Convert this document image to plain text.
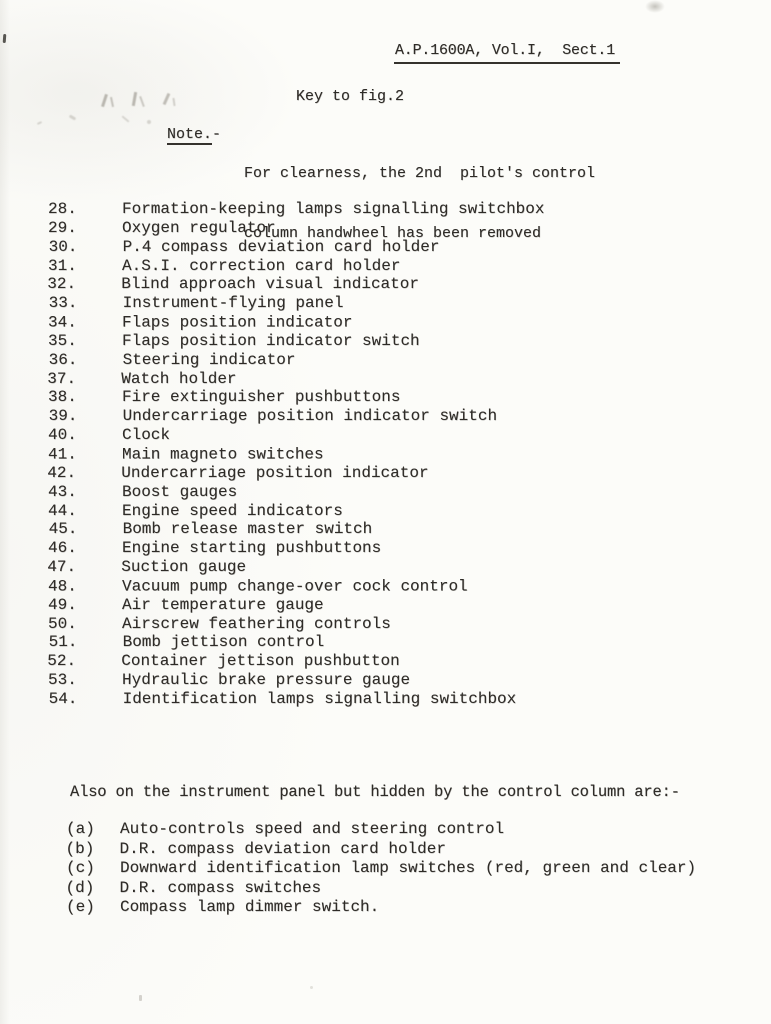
A.P.1600A, Vol.I,  Sect.1
Key to fig.2
Note.-

For clearness, the 2nd  pilot's control

column handwheel has been removed

28.	Formation-keeping lamps signalling switchbox
29.	Oxygen regulator
30.	P.4 compass deviation card holder
31.	A.S.I. correction card holder
32.	Blind approach visual indicator
33.	Instrument-flying panel
34.	Flaps position indicator
35.	Flaps position indicator switch
36.	Steering indicator
37.	Watch holder
38.	Fire extinguisher pushbuttons
39.	Undercarriage position indicator switch
40.	Clock
41.	Main magneto switches
42.	Undercarriage position indicator
43.	Boost gauges
44.	Engine speed indicators
45.	Bomb release master switch
46.	Engine starting pushbuttons
47.	Suction gauge
48.	Vacuum pump change-over cock control
49.	Air temperature gauge
50.	Airscrew feathering controls
51.	Bomb jettison control
52.	Container jettison pushbutton
53.	Hydraulic brake pressure gauge
54.	Identification lamps signalling switchbox
Also on the instrument panel but hidden by the control column are:-
(a) Auto-controls speed and steering control
(b) D.R. compass deviation card holder
(c) Downward identification lamp switches (red, green and clear)
(d) D.R. compass switches
(e) Compass lamp dimmer switch.
